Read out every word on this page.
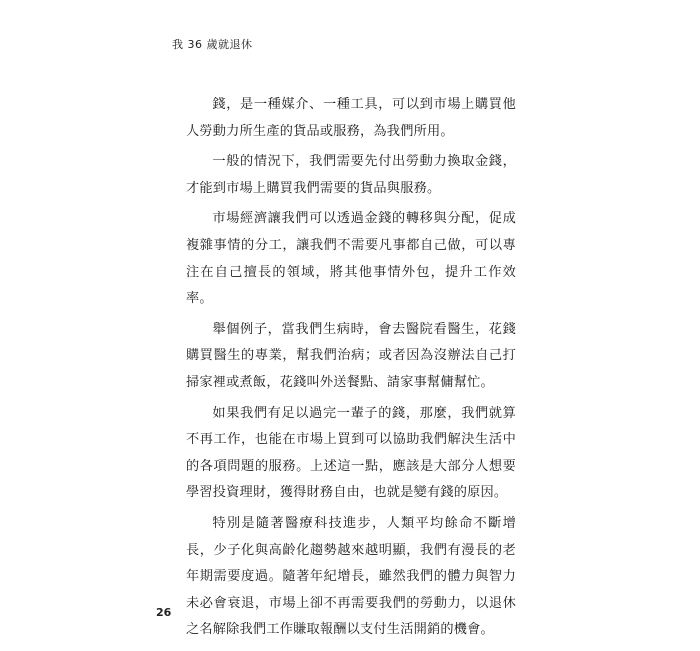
我 36 歲就退休

錢，是一種媒介、一種工具，可以到市場上購買他人勞動力所生產的貨品或服務，為我們所用。

一般的情況下，我們需要先付出勞動力換取金錢，才能到市場上購買我們需要的貨品與服務。

市場經濟讓我們可以透過金錢的轉移與分配，促成複雜事情的分工，讓我們不需要凡事都自己做，可以專注在自己擅長的領域，將其他事情外包，提升工作效率。

舉個例子，當我們生病時，會去醫院看醫生，花錢購買醫生的專業，幫我們治病；或者因為沒辦法自己打掃家裡或煮飯，花錢叫外送餐點、請家事幫傭幫忙。

如果我們有足以過完一輩子的錢，那麼，我們就算不再工作，也能在市場上買到可以協助我們解決生活中的各項問題的服務。上述這一點，應該是大部分人想要學習投資理財，獲得財務自由，也就是變有錢的原因。

特別是隨著醫療科技進步，人類平均餘命不斷增長，少子化與高齡化趨勢越來越明顯，我們有漫長的老年期需要度過。隨著年紀增長，雖然我們的體力與智力未必會衰退，市場上卻不再需要我們的勞動力，以退休之名解除我們工作賺取報酬以支付生活開銷的機會。

26
